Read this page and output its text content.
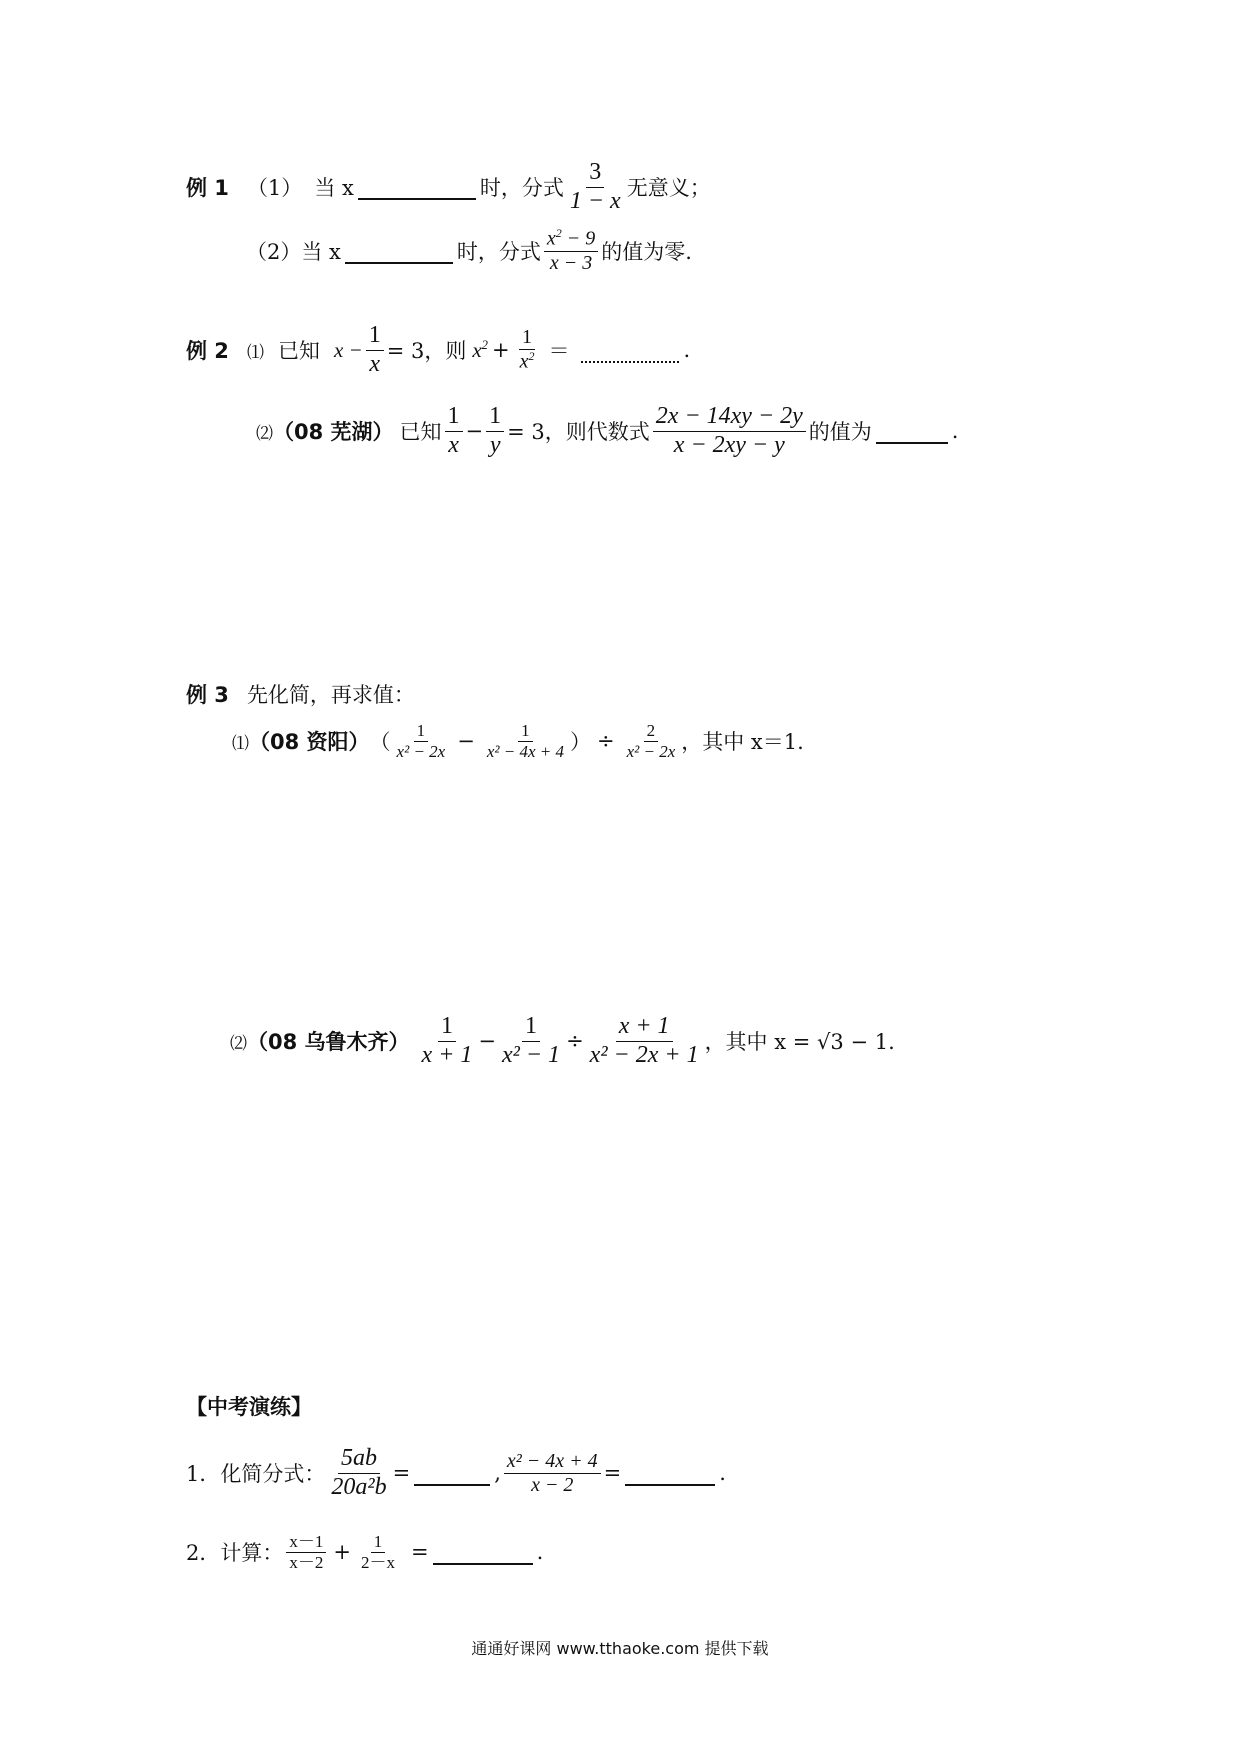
例 1 （1） 当 x	时，分式 $\frac{3}{1 - x}$ 无意义；
（2） 当 x	时，分式 $\frac{x^2 - 9}{x - 3}$ 的值为零.
例 2 ⑴ 已知 $x - \frac{1}{x} = 3$，则 $x^2 + \frac{1}{x^2}$ ＝	.
⑵ （08 芜湖） 已知 $\frac{1}{x} - \frac{1}{y} = 3$，则代数式 $\frac{2x - 14xy - 2y}{x - 2xy - y}$ 的值为	.
例 3 先化简，再求值：
⑴ （08 资阳） （ $\frac{1}{\text{x² − 2x}} - \frac{1}{\text{x² − 4x + 4}}$ ） ÷ $\frac{2}{\text{x² − 2x}}$ ，其中 x＝1.
⑵ （08 乌鲁木齐） $\frac{1}{x + 1} - \frac{1}{\text{x² − 1}} \div \frac{x + 1}{\text{x² − 2x + 1}}$ ，其中 x = √3 − 1.
【中考演练】
1． 化简分式： $\frac{5ab}{\text{20a²b}}$ =	, $\frac{\text{x² − 4x + 4}}{x - 2}$ =	.
2． 计算： $\frac{x-1}{x-2} + \frac{1}{2-x}$ =	.
通通好课网 www.tthaoke.com 提供下载
